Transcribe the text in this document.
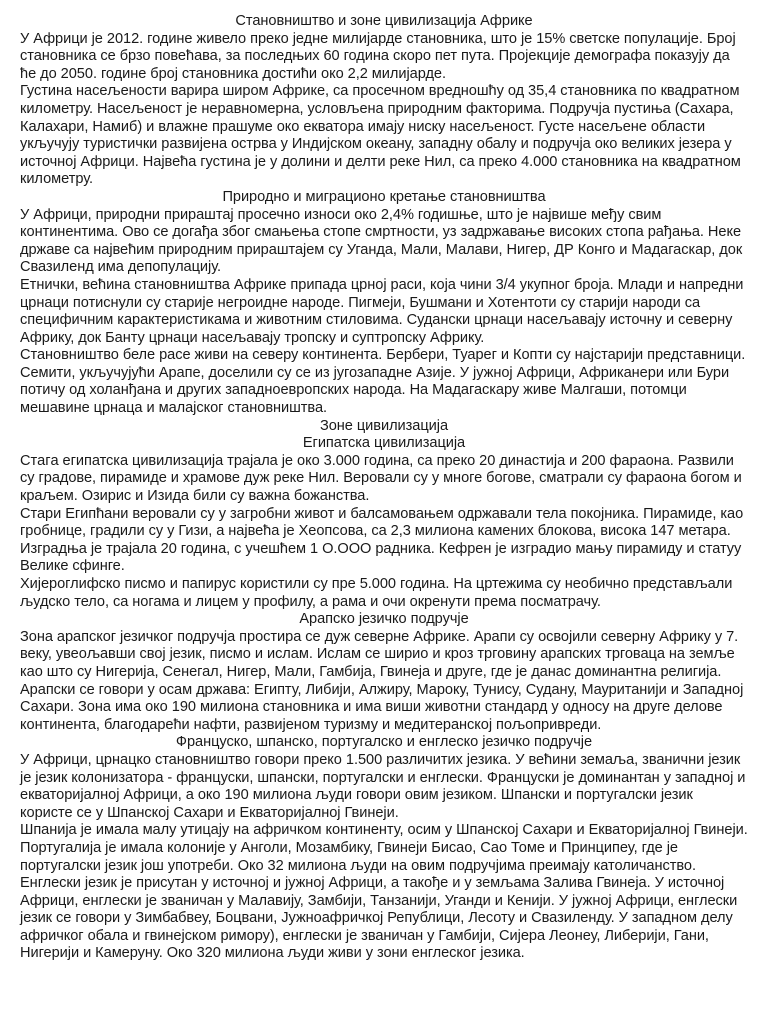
Становништво и зоне цивилизација Африке

У Африци је 2012. године живело преко једне милијарде становника, што је 15% светске популације. Број становника се брзо повећава, за последњих 60 година скоро пет пута. Пројекције демографа показују да ће до 2050. године број становника достићи око 2,2 милијарде.

Густина насељености варира широм Африке, са просечном вредношћу од 35,4 становника по квадратном километру. Насељеност је неравномерна, условљена природним факторима. Подручја пустиња (Сахара, Калахари, Намиб) и влажне прашуме око екватора имају ниску насељеност. Густе насељене области укључују туристички развијена острва у Индијском океану, западну обалу и подручја око великих језера у источној Африци. Највећа густина је у долини и делти реке Нил, са преко 4.000 становника на квадратном километру.

Природно и миграционо кретање становништва

У Африци, природни прираштај просечно износи око 2,4% годишње, што је највише међу свим континентима. Ово се догађа због смањења стопе смртности, уз задржавање високих стопа рађања. Неке државе са највећим природним прираштајем су Уганда, Мали, Малави, Нигер, ДР Конго и Мадагаскар, док Свазиленд има депопулацију.

Етнички, већина становништва Африке припада црној раси, која чини 3/4 укупног броја. Млади и напредни црнаци потиснули су старије негроидне народе. Пигмеји, Бушмани и Хотентоти су старији народи са специфичним карактеристикама и животним стиловима. Судански црнаци насељавају источну и северну Африку, док Банту црнаци насељавају тропску и суптропску Африку.

Становништво беле расе живи на северу континента. Бербери, Туарег и Копти су најстарији представници. Семити, укључујући Арапе, доселили су се из југозападне Азије. У јужној Африци, Африканери или Бури потичу од холанђана и других западноевропских народа. На Мадагаскару живе Малгаши, потомци мешавине црнаца и малајског становништва.

Зоне цивилизација

Египатска цивилизација

Стaгa египатска цивилизација трајала је око 3.000 година, са преко 20 династија и 200 фараона. Развили су градове, пирамиде и храмове дуж реке Нил. Веровали су у многе богове, сматрали су фараона богом и краљем. Озирис и Изида били су важна божанства.

Стари Египћани веровали су у загробни живот и балсамовањем одржавали тела покојника. Пирамиде, као гробнице, градили су у Гизи, а највећа је Хеопсова, са 2,3 милиона камених блокова, висока 147 метара. Изградња је трајала 20 година, с учешћем 1 О.ООО радника. Кефрен је изградио мању пирамиду и статуу Велике сфинге.

Хијероглифско писмо и папирус користили су пре 5.000 година. На цртежима су необично представљали људско тело, са ногама и лицем у профилу, а рама и очи окренути према посматрачу.

Арапско језичко подручје

Зона арапског језичког подручја простира се дуж северне Африке. Арапи су освојили северну Африку у 7. веку, увеољавши свој језик, писмо и ислам. Ислам се ширио и кроз трговину арапских трговаца на земље као што су Нигерија, Сенегал, Нигер, Мали, Гамбија, Гвинеја и друге, где је данас доминантна религија. Арапски се говори у осам држава: Египту, Либији, Алжиру, Мароку, Тунису, Судану, Мауританији и Западној Сахари. Зона има око 190 милиона становника и има виши животни стандард у односу на друге делове континента, благодарећи нафти, развијеном туризму и медитеранској пољопривреди.

Француско, шпанско, португалско и енглеско језичко подручје

У Африци, црнацко становништво говори преко 1.500 различитих језика. У већини земаља, званични језик је језик колонизатора - француски, шпански, португалски и енглески. Француски је доминантан у западној и екваторијалној Африци, а око 190 милиона људи говори овим језиком. Шпански и португалски језик користе се у Шпанској Сахари и Екваторијалној Гвинеји.

Шпанија је имала малу утицају на афричком континенту, осим у Шпанској Сахари и Екваторијалној Гвинеји. Португалија је имала колоније у Анголи, Мозамбику, Гвинеји Бисао, Сао Томе и Принципеу, где је португалски језик још употреби. Око 32 милиона људи на овим подручјима преимају католичанство.

Енглески језик је присутан у источној и јужној Африци, а такође и у земљама Залива Гвинеја. У источној Африци, енглески је званичан у Малавију, Замбији, Танзанији, Уганди и Кенији. У јужној Африци, енглески језик се говори у Зимбабвеу, Боцвани, Јужноафричкој Републици, Лесоту и Свазиленду. У западном делу афричког обала и гвинејском римору), енглески је званичан у Гамбији, Сијера Леонеу, Либерији, Гани, Нигерији и Камеруну. Око 320 милиона људи живи у зони енглеског језика.
